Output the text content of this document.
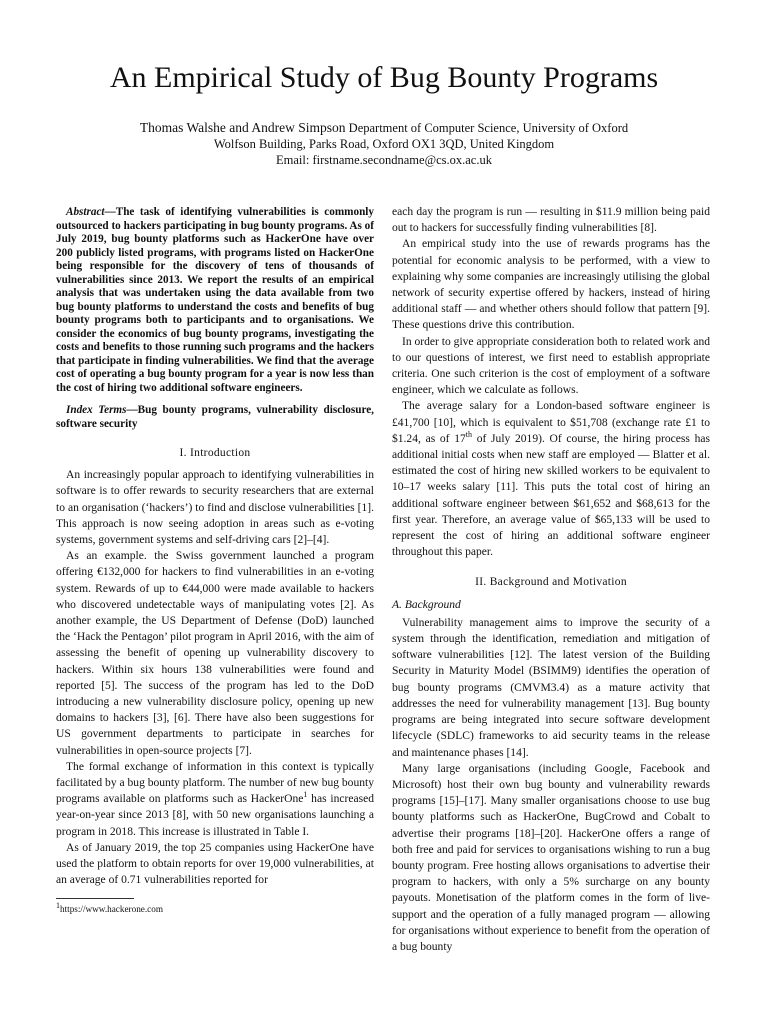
An Empirical Study of Bug Bounty Programs
Thomas Walshe and Andrew Simpson Department of Computer Science, University of Oxford
Wolfson Building, Parks Road, Oxford OX1 3QD, United Kingdom
Email: firstname.secondname@cs.ox.ac.uk

Abstract—The task of identifying vulnerabilities is commonly outsourced to hackers participating in bug bounty programs. As of July 2019, bug bounty platforms such as HackerOne have over 200 publicly listed programs, with programs listed on HackerOne being responsible for the discovery of tens of thousands of vulnerabilities since 2013. We report the results of an empirical analysis that was undertaken using the data available from two bug bounty platforms to understand the costs and benefits of bug bounty programs both to participants and to organisations. We consider the economics of bug bounty programs, investigating the costs and benefits to those running such programs and the hackers that participate in finding vulnerabilities. We find that the average cost of operating a bug bounty program for a year is now less than the cost of hiring two additional software engineers.

Index Terms—Bug bounty programs, vulnerability disclosure, software security

I. Introduction

An increasingly popular approach to identifying vulnerabilities in software is to offer rewards to security researchers that are external to an organisation (‘hackers’) to find and disclose vulnerabilities [1]. This approach is now seeing adoption in areas such as e-voting systems, government systems and self-driving cars [2]–[4].

As an example. the Swiss government launched a program offering €132,000 for hackers to find vulnerabilities in an e-voting system. Rewards of up to €44,000 were made available to hackers who discovered undetectable ways of manipulating votes [2]. As another example, the US Department of Defense (DoD) launched the ‘Hack the Pentagon’ pilot program in April 2016, with the aim of assessing the benefit of opening up vulnerability discovery to hackers. Within six hours 138 vulnerabilities were found and reported [5]. The success of the program has led to the DoD introducing a new vulnerability disclosure policy, opening up new domains to hackers [3], [6]. There have also been suggestions for US government departments to participate in searches for vulnerabilities in open-source projects [7].

The formal exchange of information in this context is typically facilitated by a bug bounty platform. The number of new bug bounty programs available on platforms such as HackerOne$^1$ has increased year-on-year since 2013 [8], with 50 new organisations launching a program in 2018. This increase is illustrated in Table I.

As of January 2019, the top 25 companies using HackerOne have used the platform to obtain reports for over 19,000 vulnerabilities, at an average of 0.71 vulnerabilities reported for

$^1$https://www.hackerone.com

each day the program is run — resulting in $11.9 million being paid out to hackers for successfully finding vulnerabilities [8].

An empirical study into the use of rewards programs has the potential for economic analysis to be performed, with a view to explaining why some companies are increasingly utilising the global network of security expertise offered by hackers, instead of hiring additional staff — and whether others should follow that pattern [9]. These questions drive this contribution.

In order to give appropriate consideration both to related work and to our questions of interest, we first need to establish appropriate criteria. One such criterion is the cost of employment of a software engineer, which we calculate as follows.

The average salary for a London-based software engineer is £41,700 [10], which is equivalent to $51,708 (exchange rate £1 to $1.24, as of 17th of July 2019). Of course, the hiring process has additional initial costs when new staff are employed — Blatter et al. estimated the cost of hiring new skilled workers to be equivalent to 10–17 weeks salary [11]. This puts the total cost of hiring an additional software engineer between $61,652 and $68,613 for the first year. Therefore, an average value of $65,133 will be used to represent the cost of hiring an additional software engineer throughout this paper.

II. Background and Motivation
A. Background

Vulnerability management aims to improve the security of a system through the identification, remediation and mitigation of software vulnerabilities [12]. The latest version of the Building Security in Maturity Model (BSIMM9) identifies the operation of bug bounty programs (CMVM3.4) as a mature activity that addresses the need for vulnerability management [13]. Bug bounty programs are being integrated into secure software development lifecycle (SDLC) frameworks to aid security teams in the release and maintenance phases [14].

Many large organisations (including Google, Facebook and Microsoft) host their own bug bounty and vulnerability rewards programs [15]–[17]. Many smaller organisations choose to use bug bounty platforms such as HackerOne, BugCrowd and Cobalt to advertise their programs [18]–[20]. HackerOne offers a range of both free and paid for services to organisations wishing to run a bug bounty program. Free hosting allows organisations to advertise their program to hackers, with only a 5% surcharge on any bounty payouts. Monetisation of the platform comes in the form of live-support and the operation of a fully managed program — allowing for organisations without experience to benefit from the operation of a bug bounty
